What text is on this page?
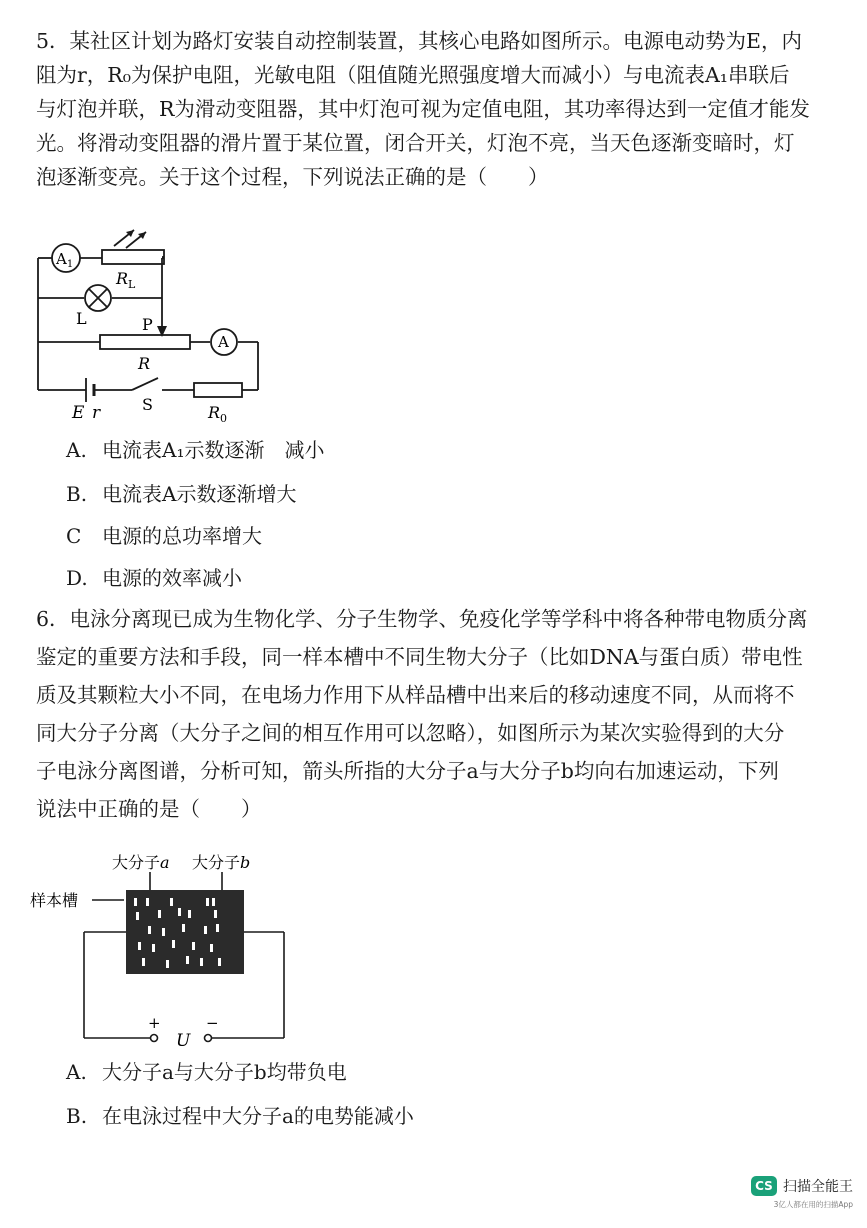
5．某社区计划为路灯安装自动控制装置，其核心电路如图所示。电源电动势为E，内
阻为r，R₀为保护电阻，光敏电阻（阻值随光照强度增大而减小）与电流表A₁串联后
与灯泡并联，R为滑动变阻器，其中灯泡可视为定值电阻，其功率得达到一定值才能发
光。将滑动变阻器的滑片置于某位置，闭合开关，灯泡不亮，当天色逐渐变暗时，灯
泡逐渐变亮。关于这个过程，下列说法正确的是（　　）
$A_1$
$R_L$
L	P
R
A
E r	S	$R_0$
A. 电流表A₁示数逐渐　减小
B. 电流表A示数逐渐增大
C 电源的总功率增大
D. 电源的效率减小
6．电泳分离现已成为生物化学、分子生物学、免疫化学等学科中将各种带电物质分离
鉴定的重要方法和手段，同一样本槽中不同生物大分子（比如DNA与蛋白质）带电性
质及其颗粒大小不同，在电场力作用下从样品槽中出来后的移动速度不同，从而将不
同大分子分离（大分子之间的相互作用可以忽略），如图所示为某次实验得到的大分
子电泳分离图谱，分析可知，箭头所指的大分子a与大分子b均向右加速运动，下列
说法中正确的是（　　）
大分子a 大分子b
样本槽
+	−
U
A. 大分子a与大分子b均带负电
B. 在电泳过程中大分子a的电势能减小
CS 扫描全能王
3亿人都在用的扫描App
